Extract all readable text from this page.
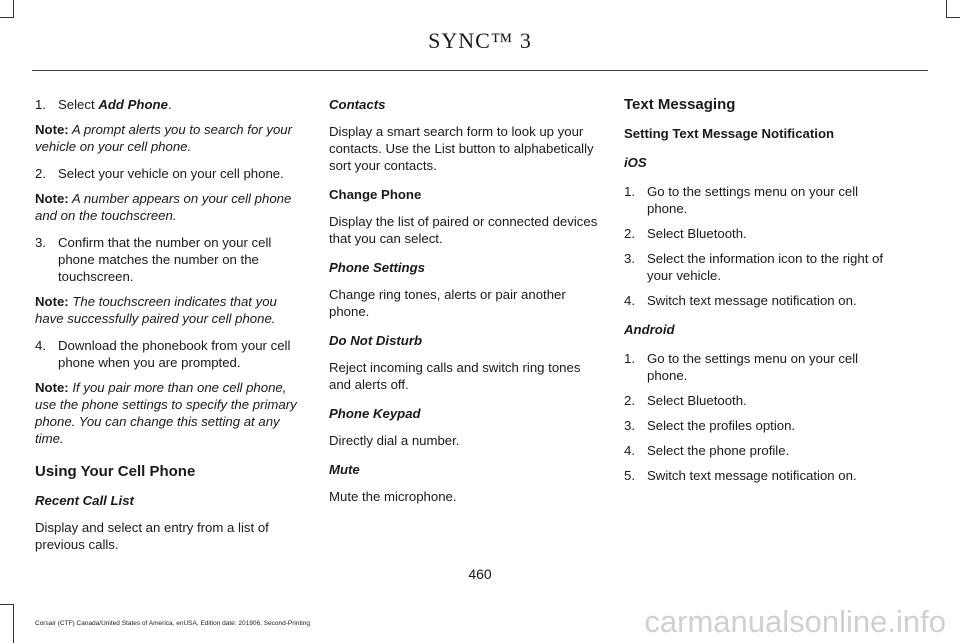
SYNC™ 3
1. Select Add Phone.

Note: A prompt alerts you to search for your vehicle on your cell phone.

2. Select your vehicle on your cell phone.

Note: A number appears on your cell phone and on the touchscreen.

3. Confirm that the number on your cell phone matches the number on the touchscreen.

Note: The touchscreen indicates that you have successfully paired your cell phone.

4. Download the phonebook from your cell phone when you are prompted.

Note: If you pair more than one cell phone, use the phone settings to specify the primary phone. You can change this setting at any time.

Using Your Cell Phone

Recent Call List

Display and select an entry from a list of previous calls.

Contacts

Display a smart search form to look up your contacts. Use the List button to alphabetically sort your contacts.

Change Phone

Display the list of paired or connected devices that you can select.

Phone Settings

Change ring tones, alerts or pair another phone.

Do Not Disturb

Reject incoming calls and switch ring tones and alerts off.

Phone Keypad

Directly dial a number.

Mute

Mute the microphone.

Text Messaging

Setting Text Message Notification

iOS

1. Go to the settings menu on your cell phone.
2. Select Bluetooth.
3. Select the information icon to the right of your vehicle.
4. Switch text message notification on.

Android

1. Go to the settings menu on your cell phone.
2. Select Bluetooth.
3. Select the profiles option.
4. Select the phone profile.
5. Switch text message notification on.
460
Corsair (CTF) Canada/United States of America, enUSA, Edition date: 201906, Second-Printing	carmanualsonline.info
